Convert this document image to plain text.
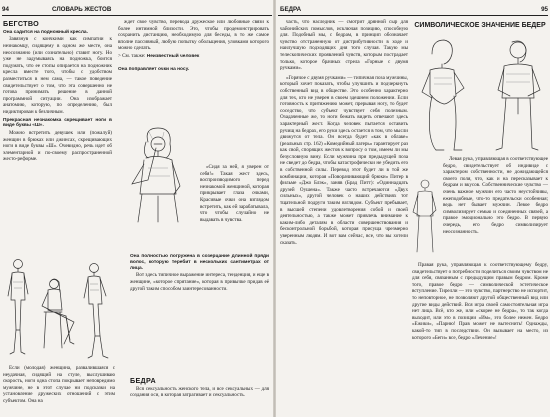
94	СЛОВАРЬ ЖЕСТОВ
БЕГСТВО
Она садится на подножный кресла.

Завязнув с кончкими как симпатии к незнакомцу, сидящему в одном же месте, она неосознанно (или сознательно) ставит ногу. Но уже не задумываясь на подножка, боится подумать, что ее стопы опирается на подножник кресла вместе того, чтобы с удобством разместиться в нем сама, — такое поведение свидетельствует о том, что эта совершенно не готова принимать решение в данной программной ситуации. Она изображает анатомию, которую, по определению, был нидиктирован к безличным.

Прекрасная незнакомка скрещивает ноги в виде буквы «Ш».

Можно встретить девушек или (пожалуй) женщин в брюках или джинсах, скрещивающих ноги в виде буквы «Ш». Очевидно, речь идет об элементарной и по-своему распространенной жесто-реформе.

ждет свое чувство, перевода дружеское или любовные связи к более интимной близости. Это, чтобы продемонстрировать сохранить дистанцию, необходимую для беседы, в то же самое вполне пассивный, любую попытку обольщения, уловками которого можно сделать.

> См. также: Неизвестный человек

Она поправляет очки на носу.

«Сидя за ней, я уверен от себя!» Такая жест здесь, воспроизводимого перед незнакомой женщиной, которая прикрывает глаза очками, Красивые очки она взглядом встретить, как ей зарабатывала, что чтобы случайно не выдавать в чувства.

Она полностью погружена в созерцание длинной пряди волос, которую теребит в нескольких сантиметрах от лица.

Вот здесь типичное выражение интереса, тенденция, и еще в женщине, «которое спрятание», которая в привычке придав её другой таким способом заинтересованности.

Если (молодая) женщина, развалившаяся с неудачная, сидящий на стуле, выслушиваю скорость, ноги одна стопа покрывает неповредимо мужчине, не в этот случае ни подсказки на установление дружеских отношений с этим субъектом. Она на
БЕДРА

Вся сексуальность женского тела, и все сексуальных — для создания оси, в которая затрагивает и сексуальность.

БЕДРА	95

часть, что наследник — смотрит дрянной сыр для чайонийских помыслов, исключая позицию, способную для. Подобный мы, с бедрам, в принцип обозначает чувство отстраненную от дистрибутивности в ходе и наилучшую подходящих дня того случая. Такую мы телескопических проявлений чувств, которым пострадает только, которое брачных стрела «Горные с двумя ручками».

«Горячое с двумя ручками» — типичная поза мужчины, который хочет показать, чтобы улучшить и подчеркнуть собственный вид в обществе. Это особенно характерно для тех, кто не уверен в своем здешнем положении. Если готовность к притяжению может, прерывая ногу, то будет соседство, что субъект чувствует себя полезным. Озадаченные же, то ноги бежать видеть отвечают здесь характерный жест. Когда человек пытается оставить ручищ на бедрах, его руки здесь остается в том, что мысли движутся от тела. Он всегда будет «как в облаке» (реальных стр. 162) «Комедийный лагерь» гарантирует раз как свой, спорящих жестов к вопросу о том, имеем ли мы безусловную вину. Если мужчина при предыдущей поза не сведет до бедра, чтобы катастрофически не убедить его в собственной силы. Перевод этот будет ли в той же комбинации, которая «Поворачивающий брюки» Питер в фильме «Джо Блэк», заняв (Брад Питт): «Одиннадцать друзей Оушена». Также часто встречаются «Двух сильных», другой человек о наших действиях тот тщательной подруги таким взглядом. Субъект пребывает, в высшей степени удовлетворения собой и своей деятельностью, а также может привлечь внимание к каким-либо деталям в области совершенствования и бесконтрольной борьбой, которая присуща чрезмерно уверенным людям. И вот вам сейчас, все, что вы хотели сказать.

СИМВОЛИЧЕСКОЕ ЗНАЧЕНИЕ БЕДЕР

Левая рука, управляющая в соответствующее бедро, свидетельствует об индивиде с характером собственности, не дожидающейся своего поля, что, как и на пересказывает к бедрам и вкусов. Собственнические чувство — очень важное мужчин его часто неустойчивы, ежеподобные, что-то предательски особенная; ведь нет бывает мужчин. Левое бедро символизирует семью и соединенных связей, а правое эмоционально это бедро. В первую очередь, его бедро символизирует неосознанность.

Правая рука, управляющая к соответствующему бедру, свидетельствует о потребности поделиться своим чувством не для себя, связанным с предыдущим правым бедром. Кроме того, правое бедро — символической эстетическое вступление. Тирелли — это чувство, партнерство не испортит, то неповторное, не позволяют другой общественный вид или другие виды действий. Вся игра своей самостоятельная игра нет лица. Всё, кто же, или «скорее не бедра», то так когда выходит, или это в позиции «Им», это более нежен. Бедро «Ежики», «Парню! Прав может не вытеснить! Однажды, какой-то тип в последствии. Он вызывает на место, из которого «Беги» все, бедро «Лечение»!
